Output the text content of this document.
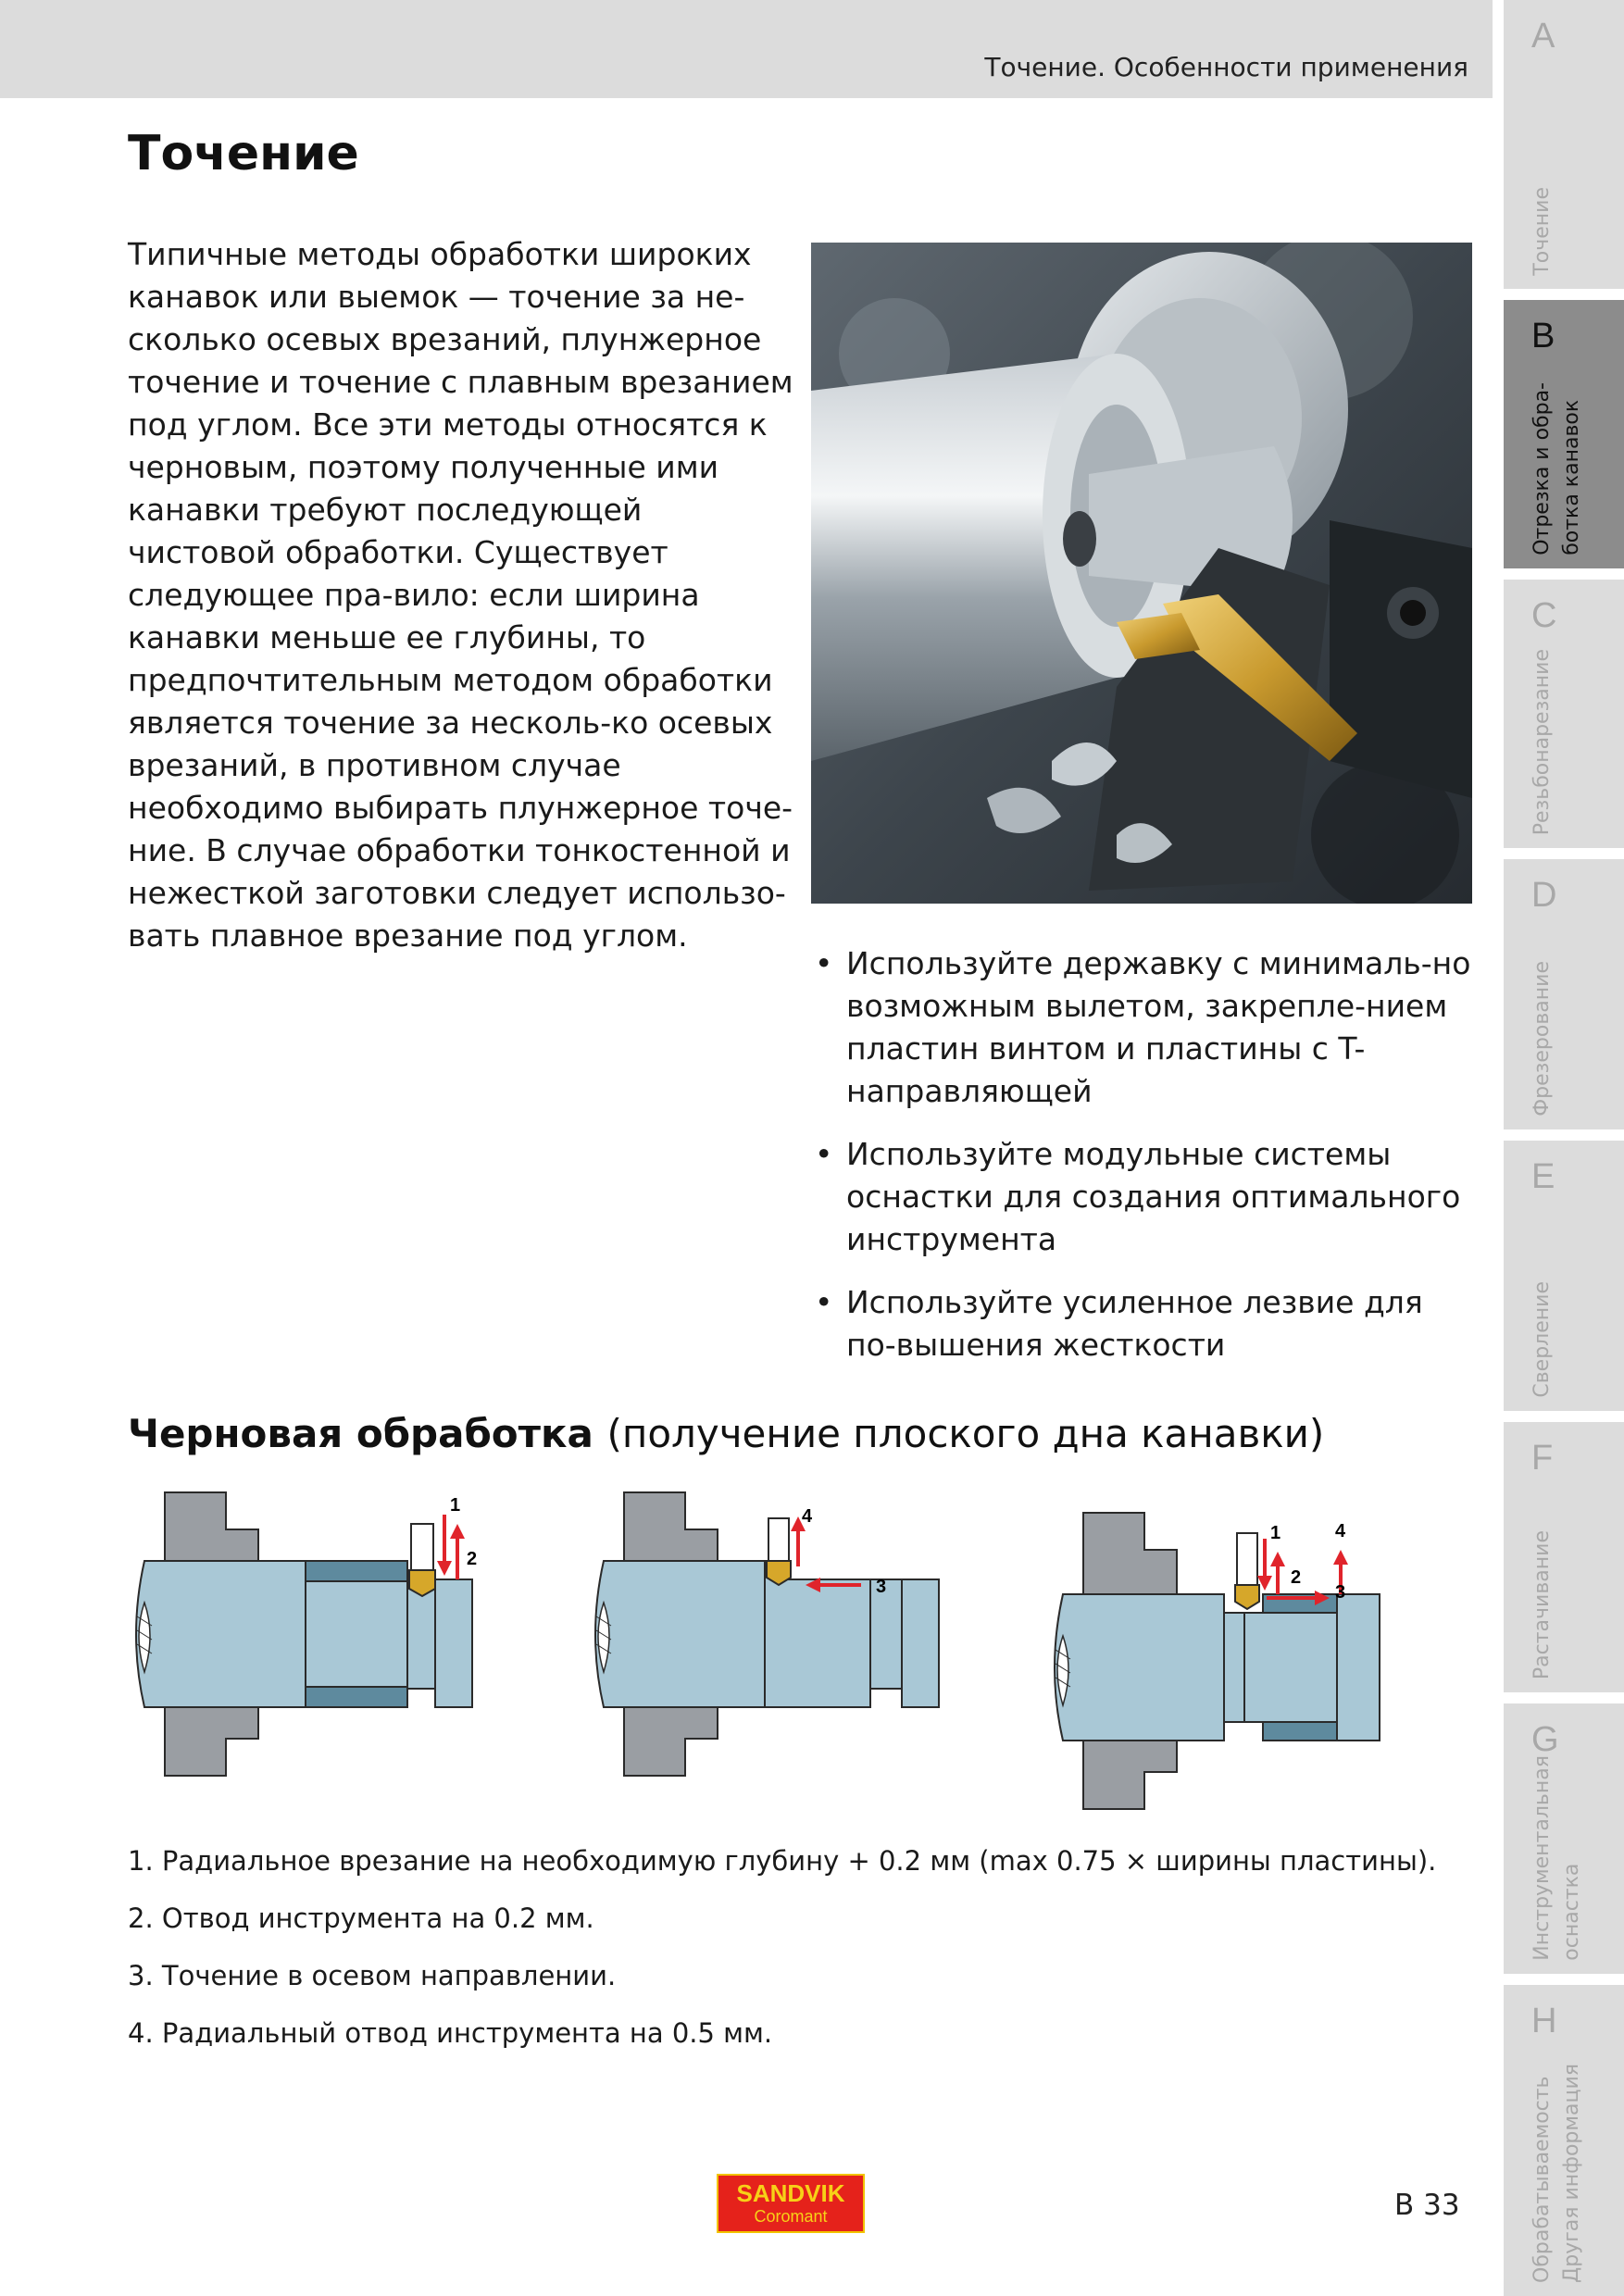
Точение. Особенности применения
A
Точение
B
Отрезка и обра-
ботка канавок
C
Резьбонарезание
D
Фрезерование
E
Сверление
F
Растачивание
G
Инструментальная
оснастка
H
Обрабатываемость
Другая информация
Точение

Типичные методы обработки широких канавок или выемок — точение за не-сколько осевых врезаний, плунжерное точение и точение с плавным врезанием под углом. Все эти методы относятся к черновым, поэтому полученные ими канавки требуют последующей чистовой обработки. Существует следующее пра-вило: если ширина канавки меньше ее глубины, то предпочтительным методом обработки является точение за несколь-ко осевых врезаний, в противном случае необходимо выбирать плунжерное точе-ние. В случае обработки тонкостенной и нежесткой заготовки следует использо-вать плавное врезание под углом.

• Используйте державку с минималь-но возможным вылетом, закрепле-нием пластин винтом и пластины с T-направляющей
• Используйте модульные системы оснастки для создания оптимального инструмента
• Используйте усиленное лезвие для по-вышения жесткости
Черновая обработка (получение плоского дна канавки)
1
2
4
3
1
2
3
4
1. Радиальное врезание на необходимую глубину + 0.2 мм (max 0.75 × ширины пластины).
2. Отвод инструмента на 0.2 мм.
3. Точение в осевом направлении.
4. Радиальный отвод инструмента на 0.5 мм.
SANDVIK
Coromant	B 33
